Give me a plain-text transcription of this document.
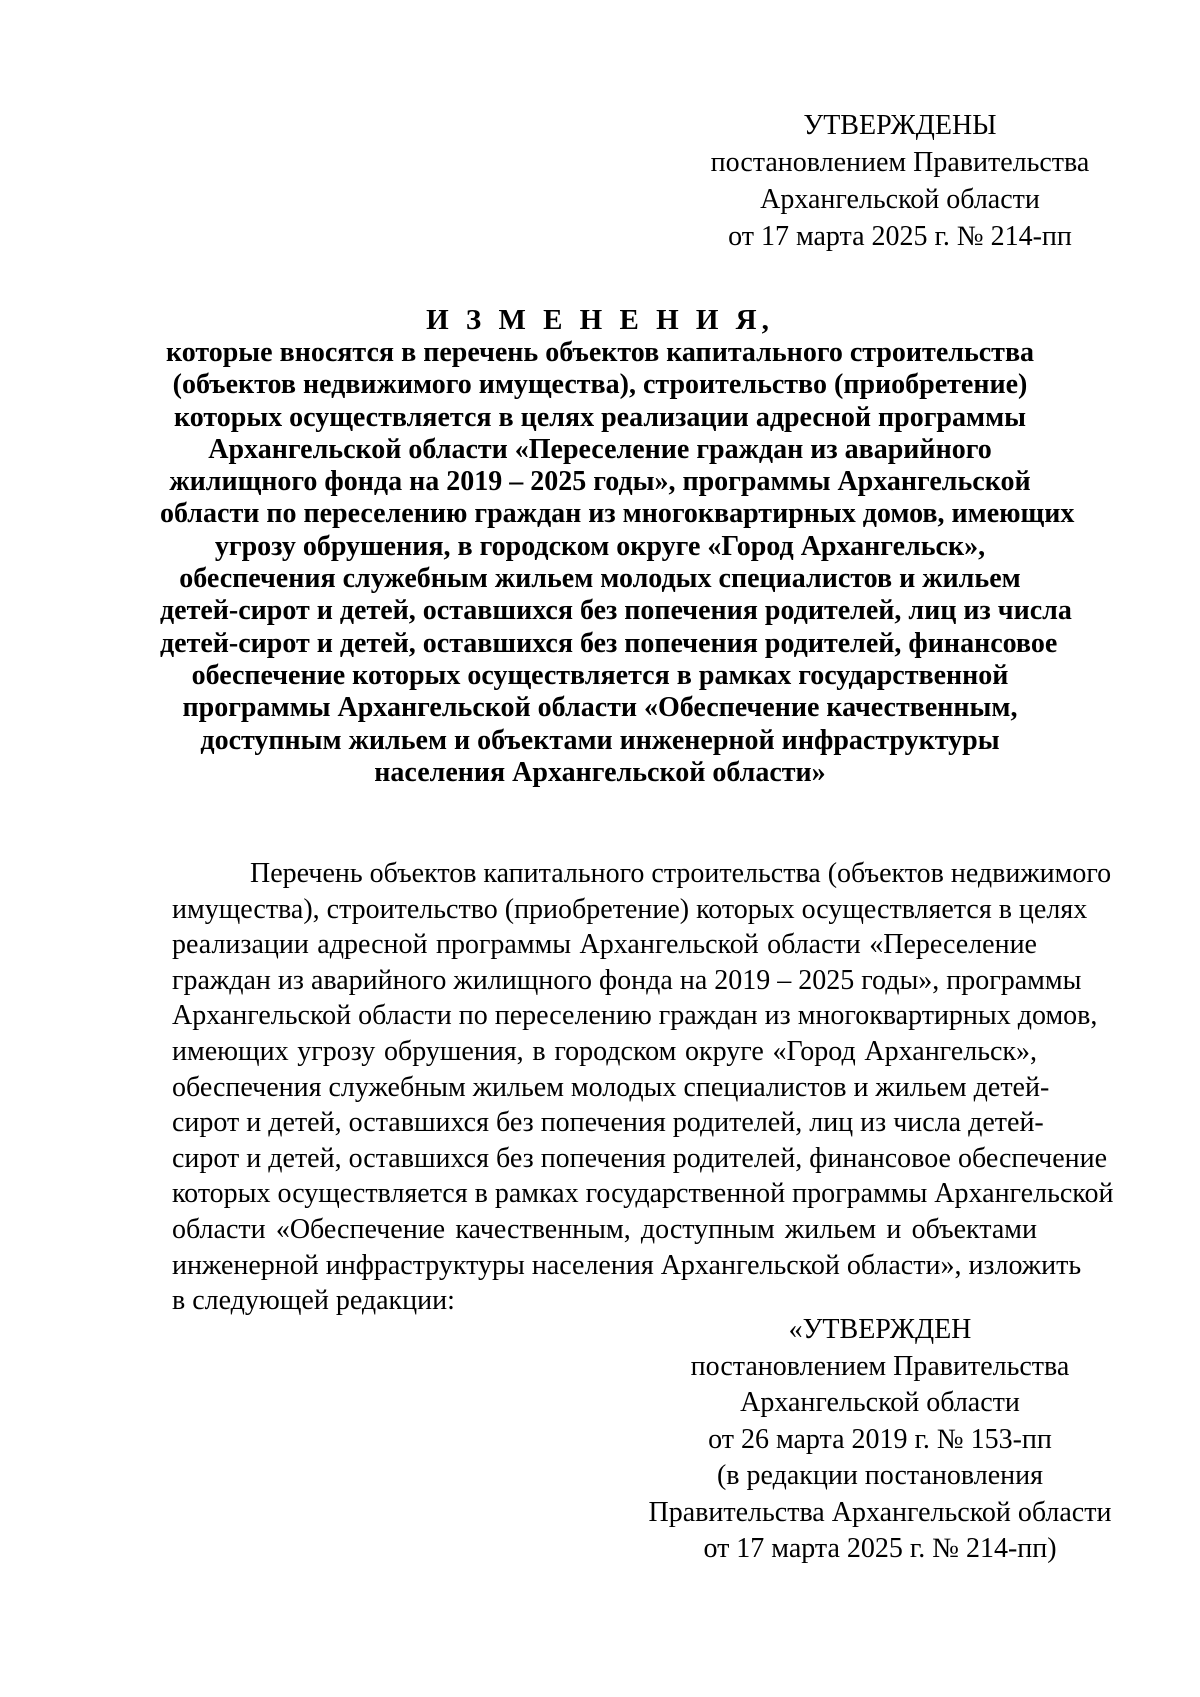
УТВЕРЖДЕНЫ
постановлением Правительства
Архангельской области
от 17 марта 2025 г. № 214-пп
И З М Е Н Е Н И Я,
которые вносятся в перечень объектов капитального строительства
(объектов недвижимого имущества), строительство (приобретение)
которых осуществляется в целях реализации адресной программы
Архангельской области «Переселение граждан из аварийного
жилищного фонда на 2019 – 2025 годы», программы Архангельской
области по переселению граждан из многоквартирных домов, имеющих
угрозу обрушения, в городском округе «Город Архангельск»,
обеспечения служебным жильем молодых специалистов и жильем
детей-сирот и детей, оставшихся без попечения родителей, лиц из числа
детей-сирот и детей, оставшихся без попечения родителей, финансовое
обеспечение которых осуществляется в рамках государственной
программы Архангельской области «Обеспечение качественным,
доступным жильем и объектами инженерной инфраструктуры
населения Архангельской области»
Перечень объектов капитального строительства (объектов недвижимого
имущества), строительство (приобретение) которых осуществляется в целях
реализации адресной программы Архангельской области «Переселение
граждан из аварийного жилищного фонда на 2019 – 2025 годы», программы
Архангельской области по переселению граждан из многоквартирных домов,
имеющих угрозу обрушения, в городском округе «Город Архангельск»,
обеспечения служебным жильем молодых специалистов и жильем детей-
сирот и детей, оставшихся без попечения родителей, лиц из числа детей-
сирот и детей, оставшихся без попечения родителей, финансовое обеспечение
которых осуществляется в рамках государственной программы Архангельской
области «Обеспечение качественным, доступным жильем и объектами
инженерной инфраструктуры населения Архангельской области», изложить
в следующей редакции:
«УТВЕРЖДЕН
постановлением Правительства
Архангельской области
от 26 марта 2019 г. № 153-пп
(в редакции постановления
Правительства Архангельской области
от 17 марта 2025 г. № 214-пп)
